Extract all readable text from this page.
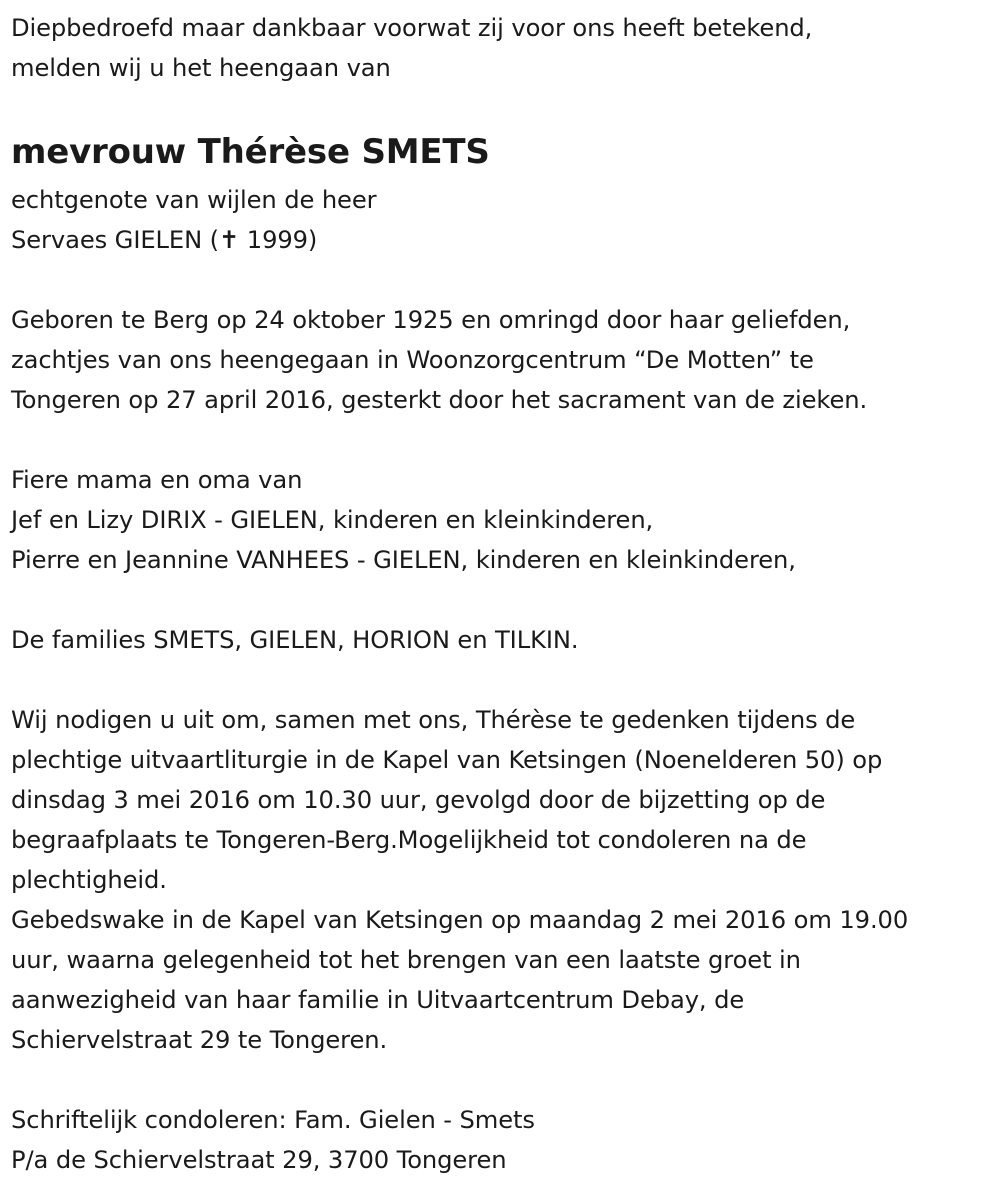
Diepbedroefd maar dankbaar voorwat zij voor ons heeft betekend,
melden wij u het heengaan van
mevrouw Thérèse SMETS
echtgenote van wijlen de heer
Servaes GIELEN (✝ 1999)
Geboren te Berg op 24 oktober 1925 en omringd door haar geliefden,
zachtjes van ons heengegaan in Woonzorgcentrum “De Motten” te
Tongeren op 27 april 2016, gesterkt door het sacrament van de zieken.
Fiere mama en oma van
Jef en Lizy DIRIX - GIELEN, kinderen en kleinkinderen,
Pierre en Jeannine VANHEES - GIELEN, kinderen en kleinkinderen,
De families SMETS, GIELEN, HORION en TILKIN.
Wij nodigen u uit om, samen met ons, Thérèse te gedenken tijdens de
plechtige uitvaartliturgie in de Kapel van Ketsingen (Noenelderen 50) op
dinsdag 3 mei 2016 om 10.30 uur, gevolgd door de bijzetting op de
begraafplaats te Tongeren-Berg.Mogelijkheid tot condoleren na de
plechtigheid.
Gebedswake in de Kapel van Ketsingen op maandag 2 mei 2016 om 19.00
uur, waarna gelegenheid tot het brengen van een laatste groet in
aanwezigheid van haar familie in Uitvaartcentrum Debay, de
Schiervelstraat 29 te Tongeren.
Schriftelijk condoleren: Fam. Gielen - Smets
P/a de Schiervelstraat 29, 3700 Tongeren
